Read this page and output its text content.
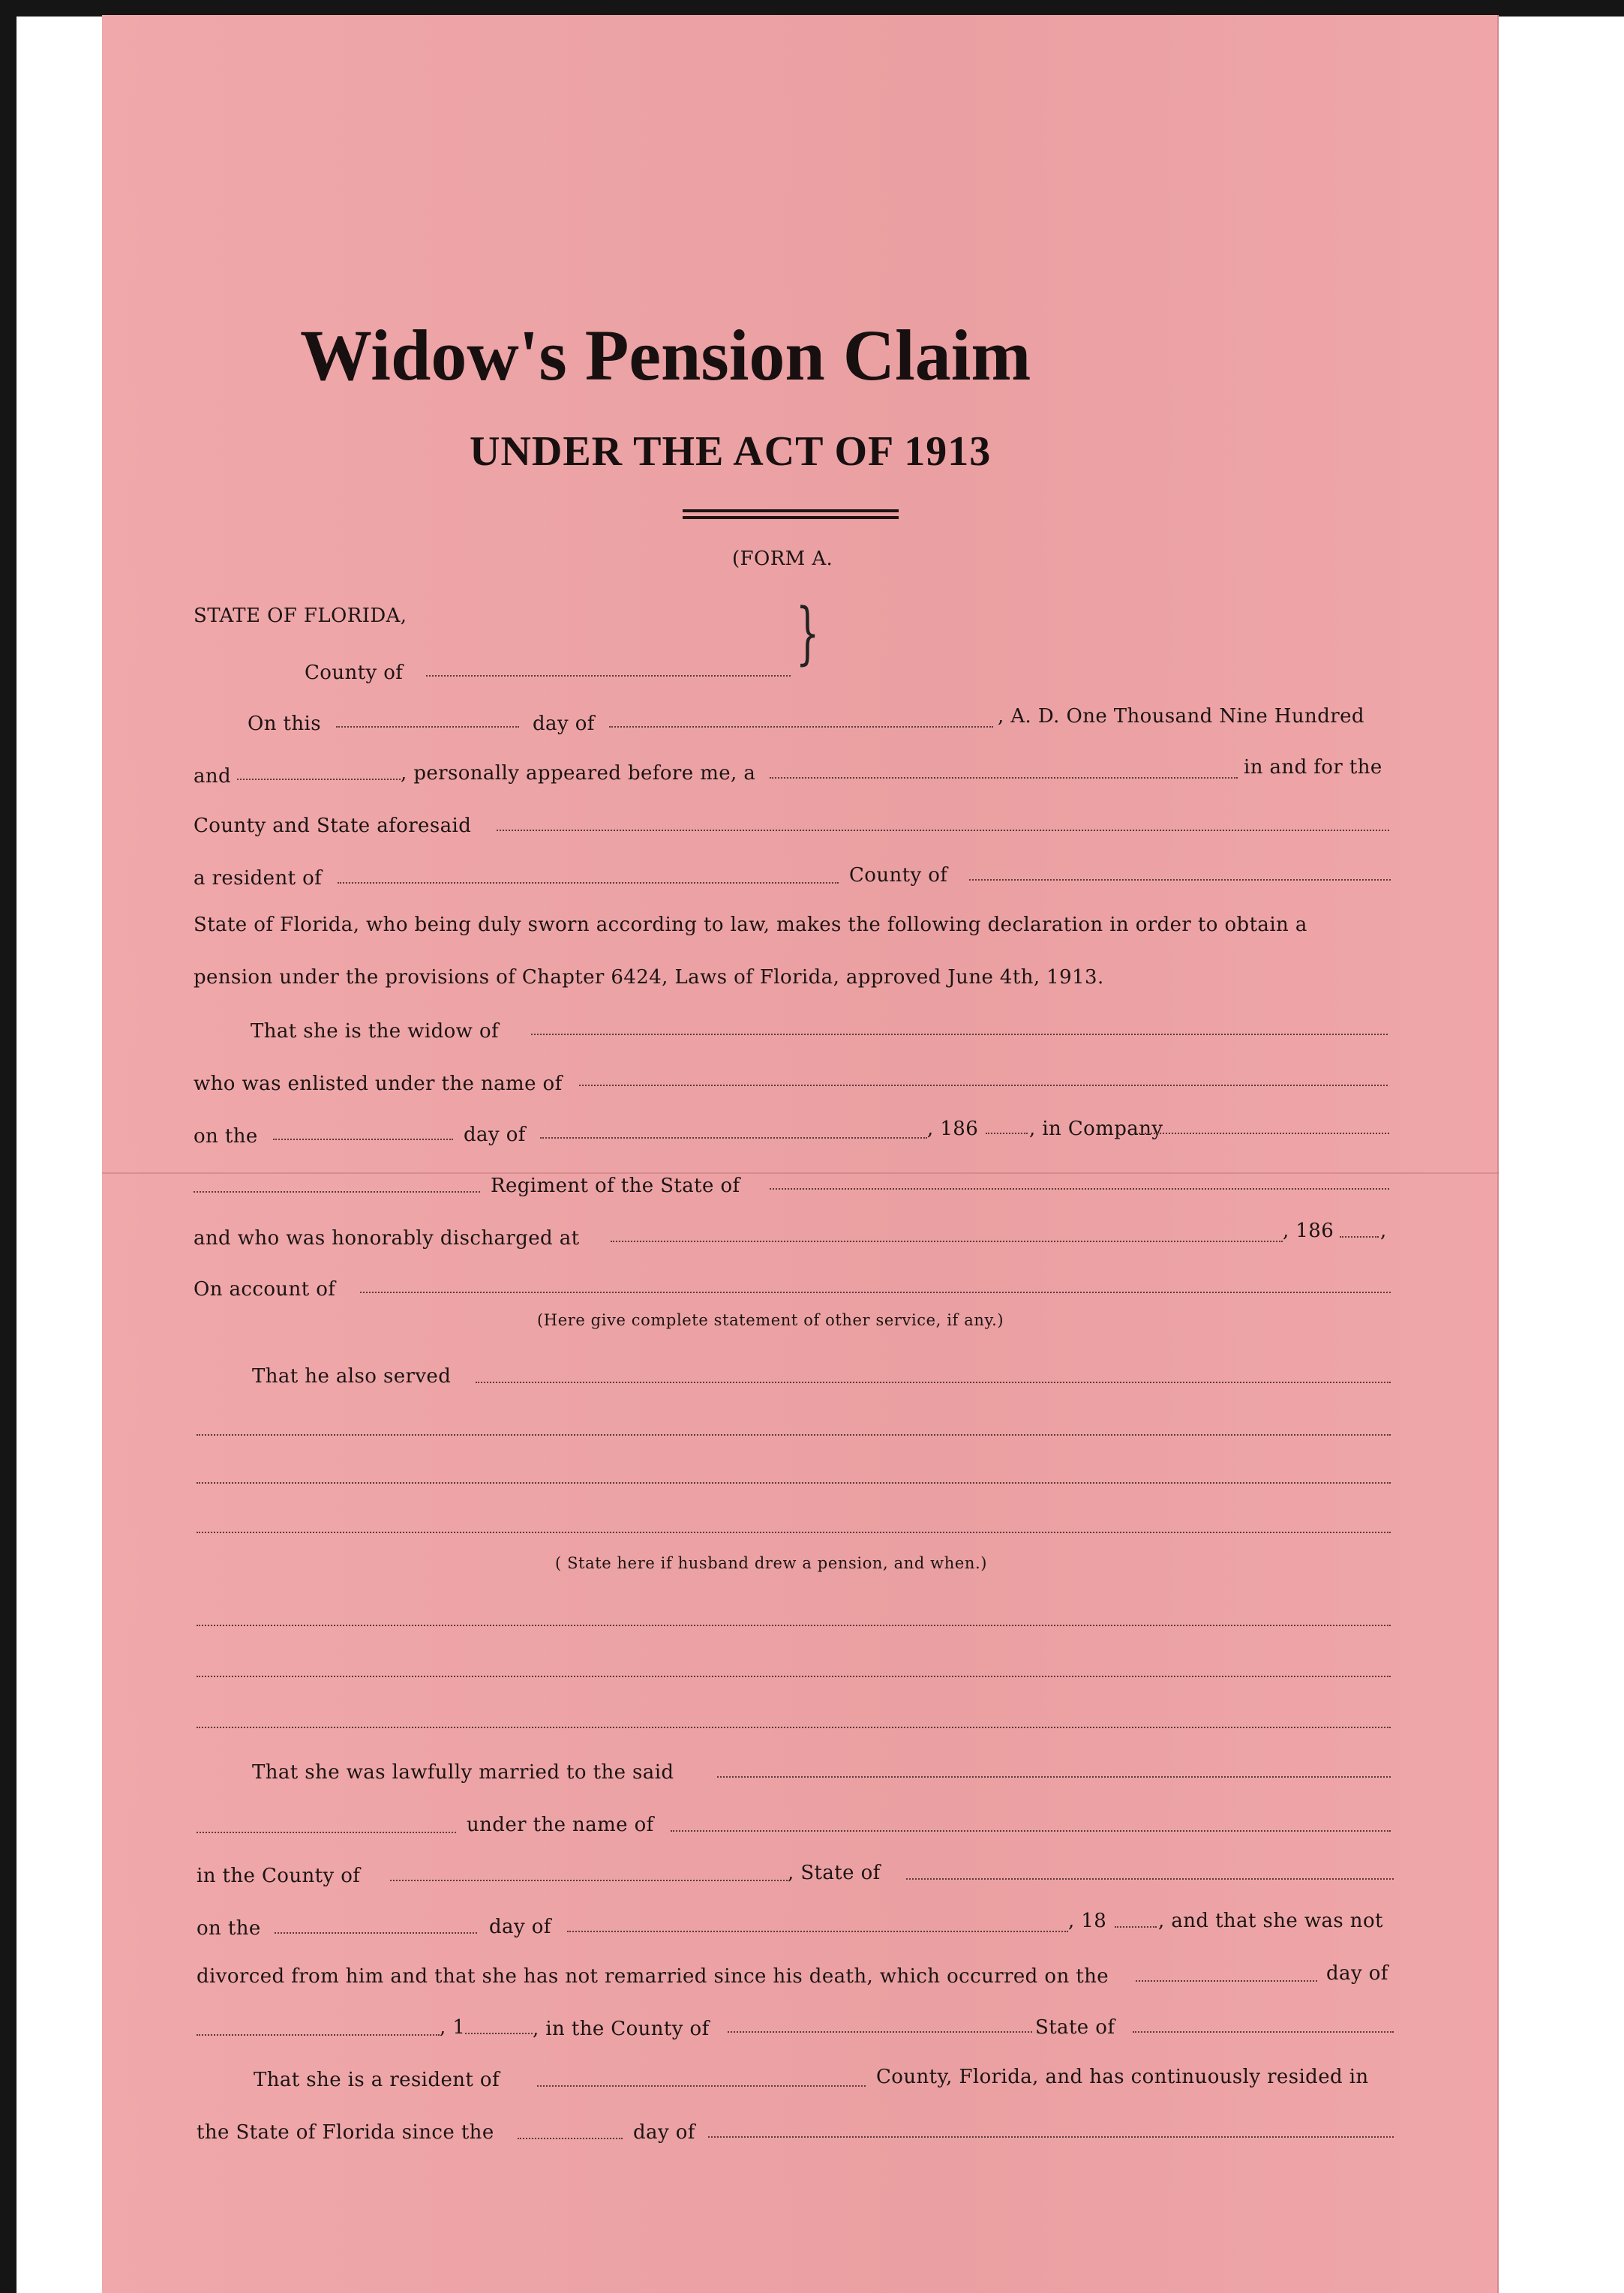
Widow's Pension Claim
UNDER THE ACT OF 1913
(FORM A.
STATE OF FLORIDA,
County of	}
On this	day of	, A. D. One Thousand Nine Hundred
and	, personally appeared before me, a	in and for the
County and State aforesaid
a resident of	County of
State of Florida, who being duly sworn according to law, makes the following declaration in order to obtain a
pension under the provisions of Chapter 6424, Laws of Florida, approved June 4th, 1913.
That she is the widow of
who was enlisted under the name of
on the	day of	, 186	, in Company
Regiment of the State of
and who was honorably discharged at	, 186 ,
On account of
(Here give complete statement of other service, if any.)
That he also served
( State here if husband drew a pension, and when.)
That she was lawfully married to the said
under the name of
in the County of	, State of
on the	day of	, 18	, and that she was not
divorced from him and that she has not remarried since his death, which occurred on the	day of
, 1	, in the County of	State of
That she is a resident of	County, Florida, and has continuously resided in
the State of Florida since the	day of
